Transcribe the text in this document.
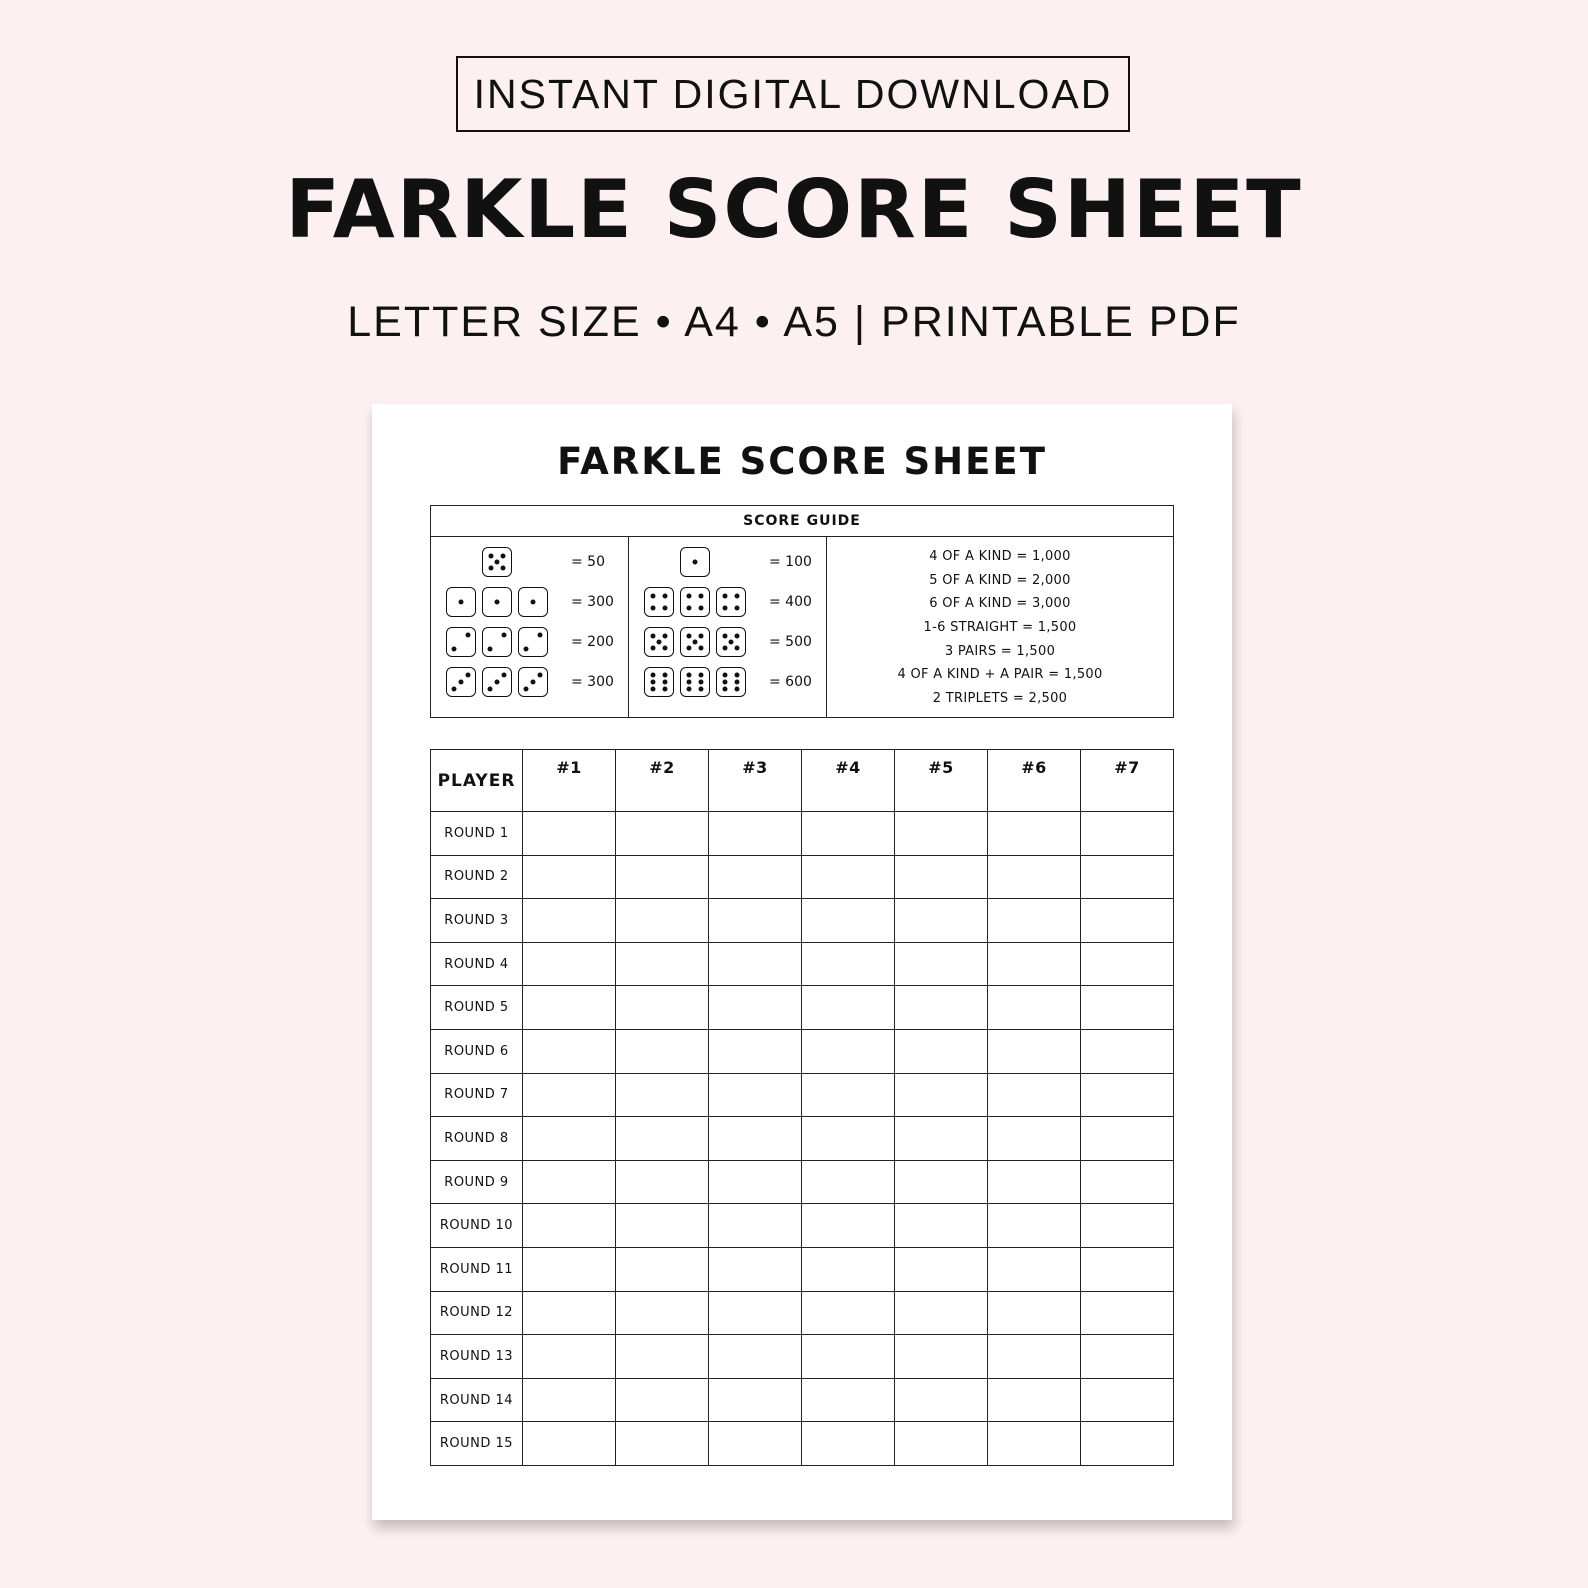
INSTANT DIGITAL DOWNLOAD
FARKLE SCORE SHEET
LETTER SIZE • A4 • A5 | PRINTABLE PDF
FARKLE SCORE SHEET
SCORE GUIDE
= 50
= 300
= 200
= 300
= 100
= 400
= 500
= 600
4 OF A KIND = 1,000
5 OF A KIND = 2,000
6 OF A KIND = 3,000
1-6 STRAIGHT = 1,500
3 PAIRS = 1,500
4 OF A KIND + A PAIR = 1,500
2 TRIPLETS = 2,500
PLAYER	#1	#2	#3	#4	#5	#6	#7
ROUND 1							
ROUND 2							
ROUND 3							
ROUND 4							
ROUND 5							
ROUND 6							
ROUND 7							
ROUND 8							
ROUND 9							
ROUND 10							
ROUND 11							
ROUND 12							
ROUND 13							
ROUND 14							
ROUND 15							
